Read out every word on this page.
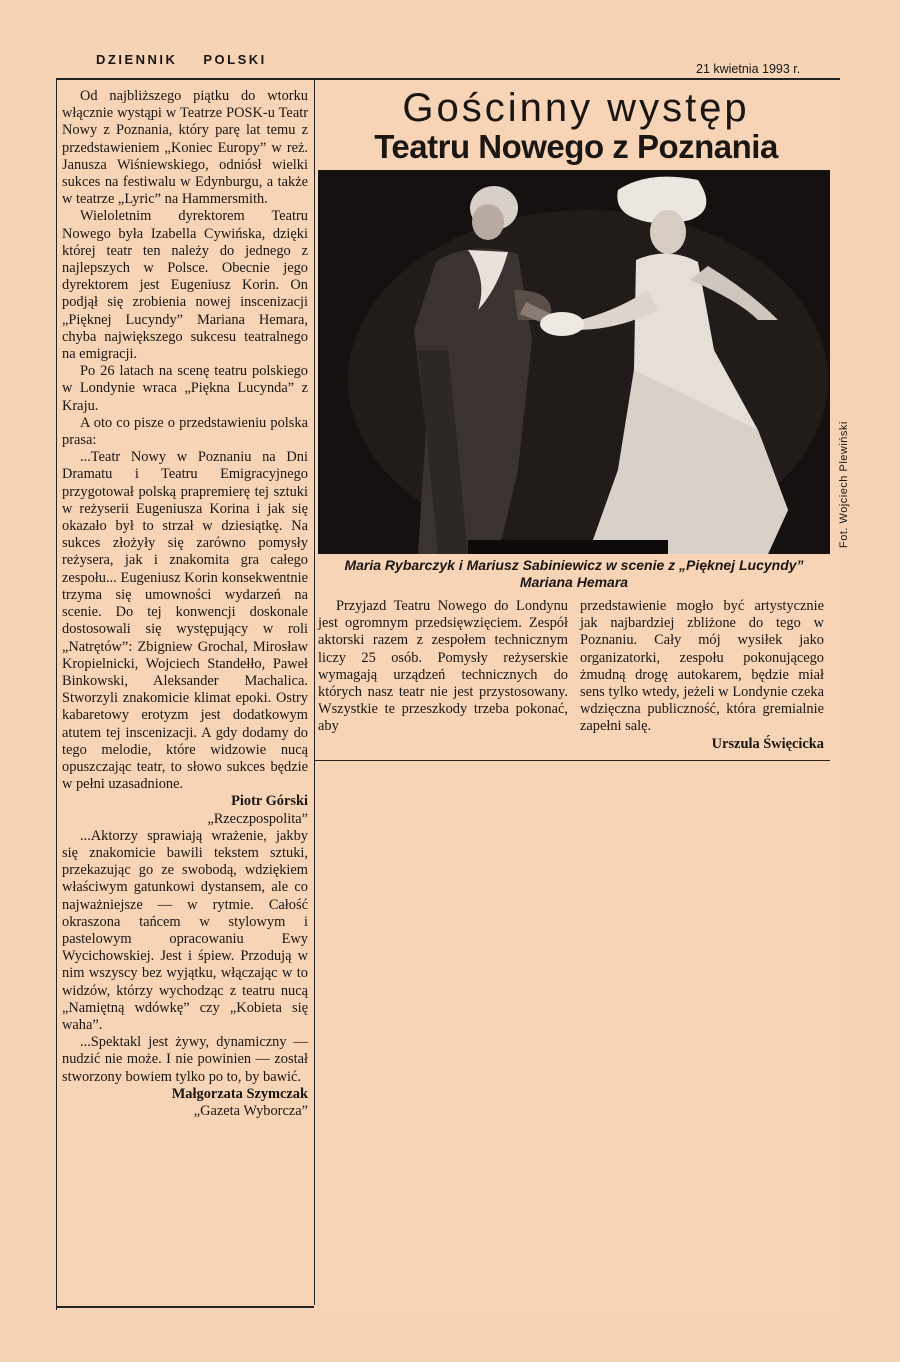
DZIENNIK POLSKI
21 kwietnia 1993 r.

Od najbliższego piątku do wtorku włącznie wystąpi w Teatrze POSK-u Teatr Nowy z Poznania, który parę lat temu z przedstawieniem „Koniec Europy” w reż. Janusza Wiśniewskiego, odniósł wielki sukces na festiwalu w Edynburgu, a także w teatrze „Lyric” na Hammersmith.

Wieloletnim dyrektorem Teatru Nowego była Izabella Cywińska, dzięki której teatr ten należy do jednego z najlepszych w Polsce. Obecnie jego dyrektorem jest Eugeniusz Korin. On podjął się zrobienia nowej inscenizacji „Pięknej Lucyndy” Mariana Hemara, chyba największego sukcesu teatralnego na emigracji.

Po 26 latach na scenę teatru polskiego w Londynie wraca „Piękna Lucynda” z Kraju.

A oto co pisze o przedstawieniu polska prasa:

...Teatr Nowy w Poznaniu na Dni Dramatu i Teatru Emigracyjnego przygotował polską prapremierę tej sztuki w reżyserii Eugeniusza Korina i jak się okazało był to strzał w dziesiątkę. Na sukces złożyły się zarówno pomysły reżysera, jak i znakomita gra całego zespołu... Eugeniusz Korin konsekwentnie trzyma się umowności wydarzeń na scenie. Do tej konwencji doskonale dostosowali się występujący w roli „Natrętów”: Zbigniew Grochal, Mirosław Kropielnicki, Wojciech Standełło, Paweł Binkowski, Aleksander Machalica. Stworzyli znakomicie klimat epoki. Ostry kabaretowy erotyzm jest dodatkowym atutem tej inscenizacji. A gdy dodamy do tego melodie, które widzowie nucą opuszczając teatr, to słowo sukces będzie w pełni uzasadnione.

Piotr Górski

„Rzeczpospolita”

...Aktorzy sprawiają wrażenie, jakby się znakomicie bawili tekstem sztuki, przekazując go ze swobodą, wdziękiem właściwym gatunkowi dystansem, ale co najważniejsze — w rytmie. Całość okraszona tańcem w stylowym i pastelowym opracowaniu Ewy Wycichowskiej. Jest i śpiew. Przodują w nim wszyscy bez wyjątku, włączając w to widzów, którzy wychodząc z teatru nucą „Namiętną wdówkę” czy „Kobieta się waha”.

...Spektakl jest żywy, dynamiczny — nudzić nie może. I nie powinien — został stworzony bowiem tylko po to, by bawić.

Małgorzata Szymczak

„Gazeta Wyborcza”

Gościnny występ
Teatru Nowego z Poznania
Fot. Wojciech Plewiński
Maria Rybarczyk i Mariusz Sabiniewicz w scenie z „Pięknej Lucyndy” Mariana Hemara

Przyjazd Teatru Nowego do Londynu jest ogromnym przedsięwzięciem. Zespół aktorski razem z zespołem technicznym liczy 25 osób. Pomysły reżyserskie wymagają urządzeń technicznych do których nasz teatr nie jest przystosowany. Wszystkie te przeszkody trzeba pokonać, aby

przedstawienie mogło być artystycznie jak najbardziej zbliżone do tego w Poznaniu. Cały mój wysiłek jako organizatorki, zespołu pokonującego żmudną drogę autokarem, będzie miał sens tylko wtedy, jeżeli w Londynie czeka wdzięczna publiczność, która gremialnie zapełni salę.

Urszula Święcicka
